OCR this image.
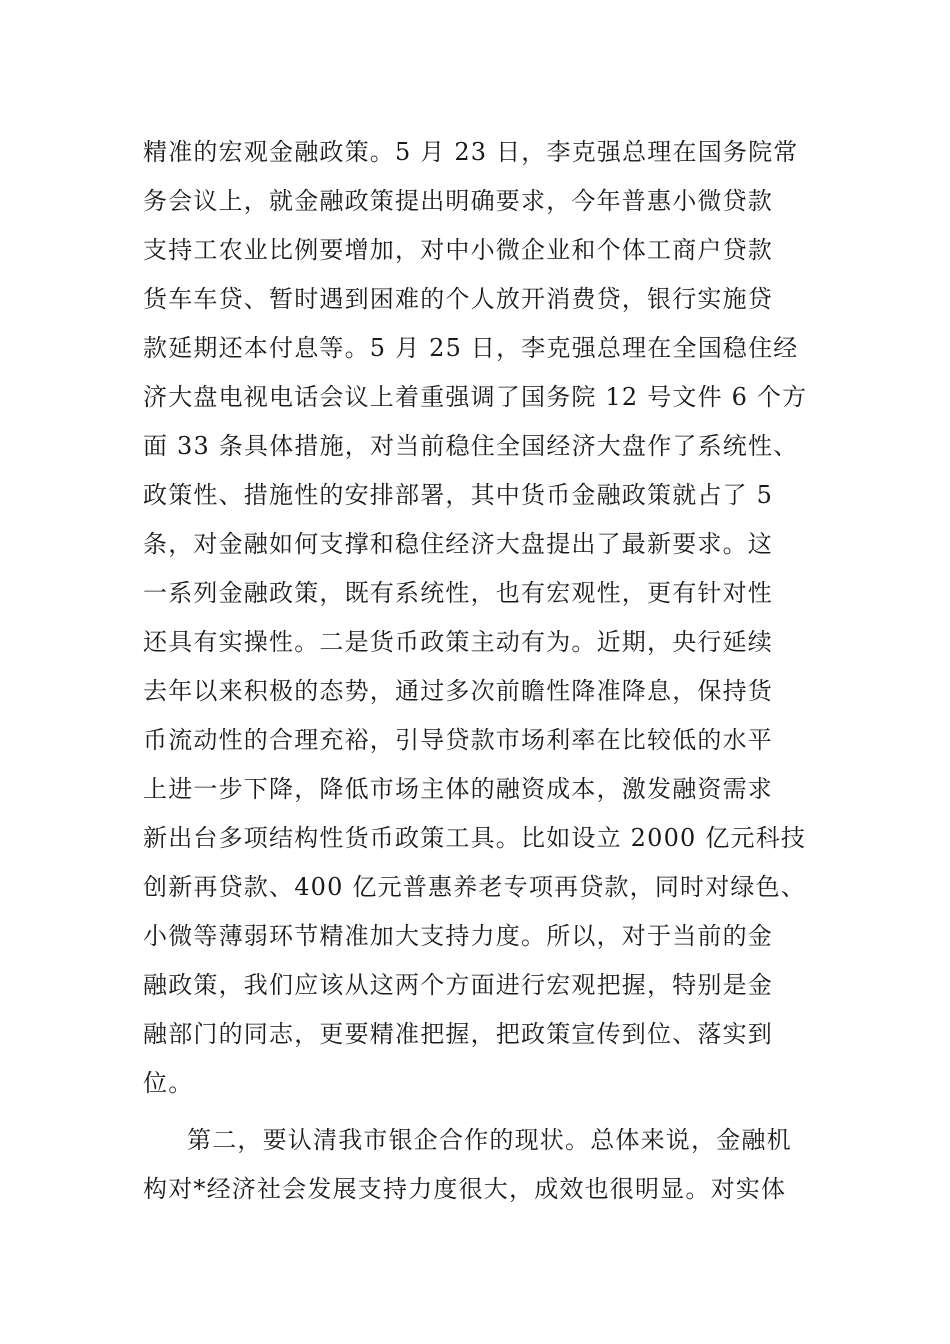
精准的宏观金融政策。5 月 23 日，李克强总理在国务院常
务会议上，就金融政策提出明确要求，今年普惠小微贷款
支持工农业比例要增加，对中小微企业和个体工商户贷款
货车车贷、暂时遇到困难的个人放开消费贷，银行实施贷
款延期还本付息等。5 月 25 日，李克强总理在全国稳住经
济大盘电视电话会议上着重强调了国务院 12 号文件 6 个方
面 33 条具体措施，对当前稳住全国经济大盘作了系统性、
政策性、措施性的安排部署，其中货币金融政策就占了 5
条，对金融如何支撑和稳住经济大盘提出了最新要求。这
一系列金融政策，既有系统性，也有宏观性，更有针对性
还具有实操性。二是货币政策主动有为。近期，央行延续
去年以来积极的态势，通过多次前瞻性降准降息，保持货
币流动性的合理充裕，引导贷款市场利率在比较低的水平
上进一步下降，降低市场主体的融资成本，激发融资需求
新出台多项结构性货币政策工具。比如设立 2000 亿元科技
创新再贷款、400 亿元普惠养老专项再贷款，同时对绿色、
小微等薄弱环节精准加大支持力度。所以，对于当前的金
融政策，我们应该从这两个方面进行宏观把握，特别是金
融部门的同志，更要精准把握，把政策宣传到位、落实到
位。
第二，要认清我市银企合作的现状。总体来说，金融机
构对*经济社会发展支持力度很大，成效也很明显。对实体
